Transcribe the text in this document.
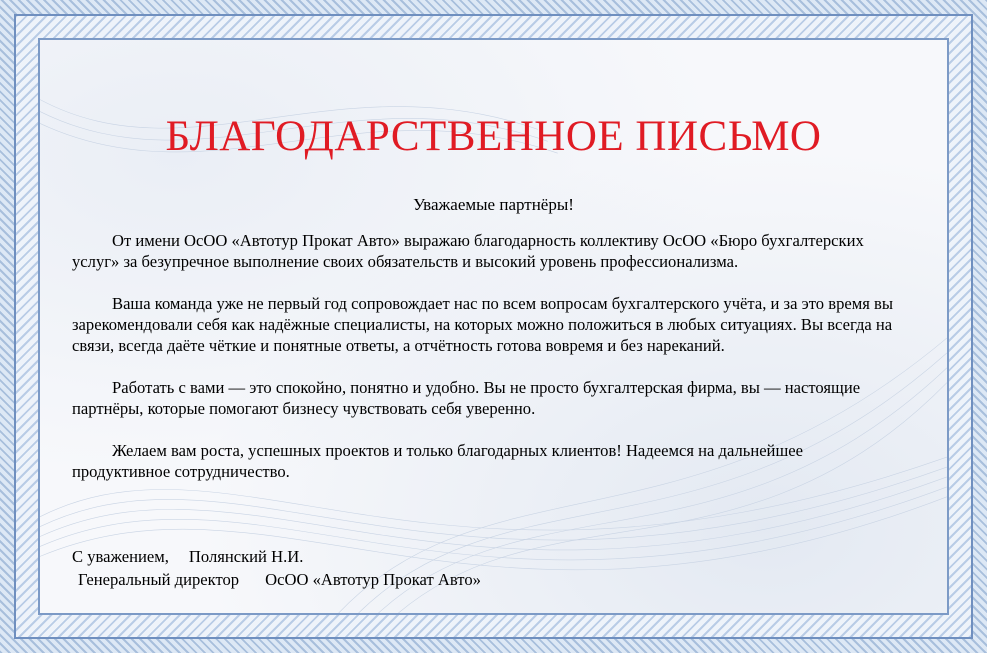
БЛАГОДАРСТВЕННОЕ ПИСЬМО

Уважаемые партнёры!

От имени ОсОО «Автотур Прокат Авто» выражаю благодарность коллективу ОсОО «Бюро бухгалтерских услуг» за безупречное выполнение своих обязательств и высокий уровень профессионализма.

Ваша команда уже не первый год сопровождает нас по всем вопросам бухгалтерского учёта, и за это время вы зарекомендовали себя как надёжные специалисты, на которых можно положиться в любых ситуациях. Вы всегда на связи, всегда даёте чёткие и понятные ответы, а отчётность готова вовремя и без нареканий.

Работать с вами — это спокойно, понятно и удобно. Вы не просто бухгалтерская фирма, вы — настоящие партнёры, которые помогают бизнесу чувствовать себя уверенно.

Желаем вам роста, успешных проектов и только благодарных клиентов! Надеемся на дальнейшее продуктивное сотрудничество.

С уважением, Полянский Н.И.
Генеральный директор ОсОО «Автотур Прокат Авто»
